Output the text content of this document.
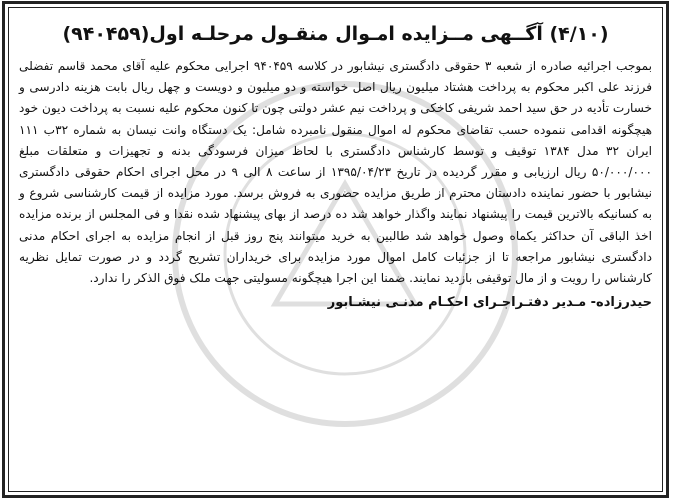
(۴/۱۰) آگــهی مــزایده امـوال منقـول مرحلـه اول(۹۴۰۴۵۹)

بموجب اجرائیه صادره از شعبه ۳ حقوقی دادگستری نیشابور در کلاسه ۹۴۰۴۵۹ اجرایی محکوم علیه آقای محمد قاسم تفضلی فرزند علی اکبر محکوم به پرداخت هشتاد میلیون ریال اصل خواسته و دو میلیون و دویست و چهل ریال بابت هزینه دادرسی و خسارت تأدیه در حق سید احمد شریفی کاخکی و پرداخت نیم عشر دولتی چون تا کنون محکوم علیه نسبت به پرداخت دیون خود هیچگونه اقدامی ننموده حسب تقاضای محکوم له اموال منقول نامبرده شامل: یک دستگاه وانت نیسان به شماره ۳۲ب ۱۱۱ ایران ۳۲ مدل ۱۳۸۴ توقیف و توسط کارشناس دادگستری با لحاظ میزان فرسودگی بدنه و تجهیزات و متعلقات مبلغ ۵۰/۰۰۰/۰۰۰ ریال ارزیابی و مقرر گردیده در تاریخ ۱۳۹۵/۰۴/۲۳ از ساعت ۸ الی ۹ در محل اجرای احکام حقوقی دادگستری نیشابور با حضور نماینده دادستان محترم از طریق مزایده حضوری به فروش برسد. مورد مزایده از قیمت کارشناسی شروع و به کسانیکه بالاترین قیمت را پیشنهاد نمایند واگذار خواهد شد ده درصد از بهای پیشنهاد شده نقدا و فی المجلس از برنده مزایده اخذ الباقی آن حداکثر یکماه وصول خواهد شد طالبین به خرید میتوانند پنج روز قبل از انجام مزایده به اجرای احکام مدنی دادگستری نیشابور مراجعه تا از جزئیات کامل اموال مورد مزایده برای خریداران تشریح گردد و در صورت تمایل نظریه کارشناس را رویت و از مال توقیفی بازدید نمایند. ضمنا این اجرا هیچگونه مسولیتی جهت ملک فوق الذکر را ندارد.

حیدرزاده- مـدیر دفتـراجـرای احکـام مدنـی نیشـابور
